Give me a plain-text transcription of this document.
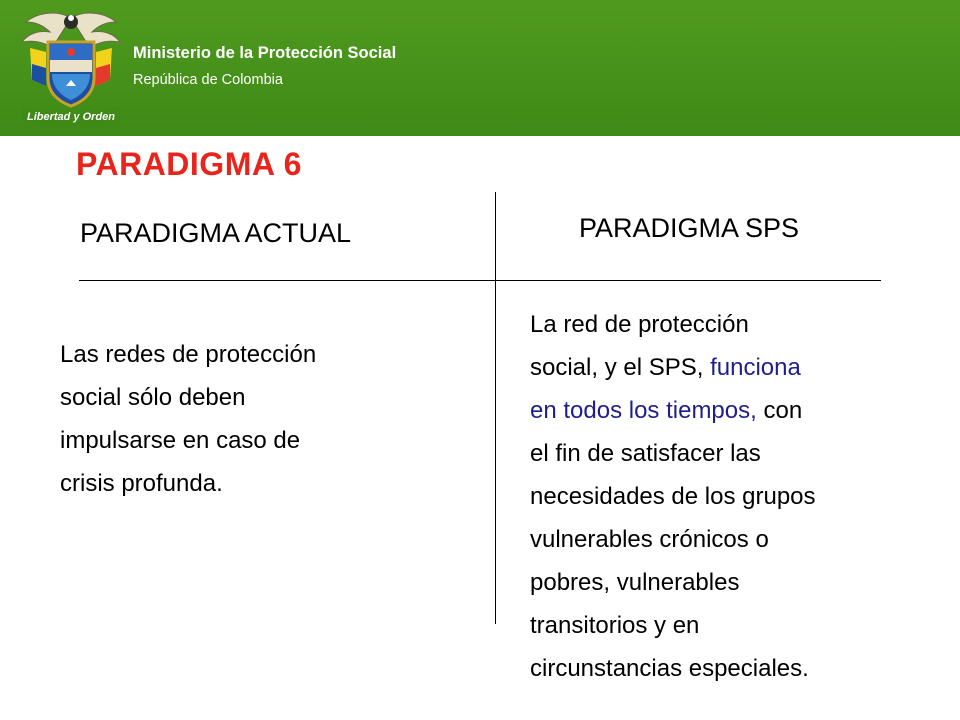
Libertad y Orden
Ministerio de la Protección Social
República de Colombia
PARADIGMA 6
PARADIGMA ACTUAL	PARADIGMA SPS
Las redes de protección
social sólo deben
impulsarse en caso de
crisis profunda.
La red de protección
social, y el SPS, funciona
en todos los tiempos, con
el fin de satisfacer las
necesidades de los grupos
vulnerables crónicos o
pobres, vulnerables
transitorios y en
circunstancias especiales.
